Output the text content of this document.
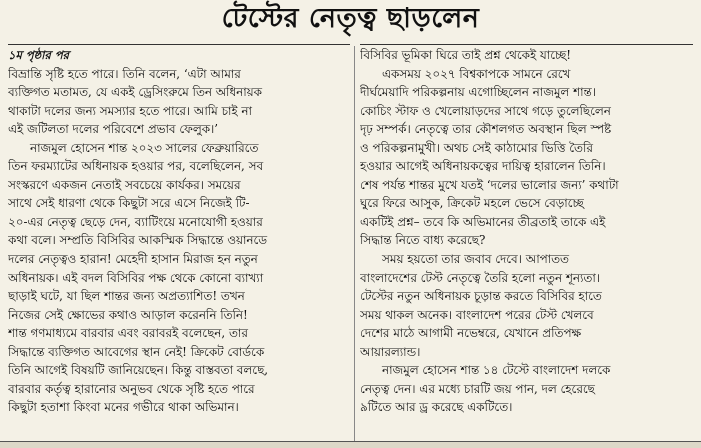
টেস্টের নেতৃত্ব ছাড়লেন
১ম পৃষ্ঠার পর
বিভ্রান্তি সৃষ্টি হতে পারে। তিনি বলেন, ‘এটা আমার
ব্যক্তিগত মতামত, যে একই ড্রেসিংরুমে তিন অধিনায়ক
থাকাটা দলের জন্য সমস্যার হতে পারে। আমি চাই না
এই জটিলতা দলের পরিবেশে প্রভাব ফেলুক।’
নাজমুল হোসেন শান্ত ২০২৩ সালের ফেব্রুয়ারিতে
তিন ফরম্যাটের অধিনায়ক হওয়ার পর, বলেছিলেন, সব
সংস্করণে একজন নেতাই সবচেয়ে কার্যকর। সময়ের
সাথে সেই ধারণা থেকে কিছুটা সরে এসে নিজেই টি-
২০-এর নেতৃত্ব ছেড়ে দেন, ব্যাটিংয়ে মনোযোগী হওয়ার
কথা বলে। সম্প্রতি বিসিবির আকস্মিক সিদ্ধান্তে ওয়ানডে
দলের নেতৃত্বও হারান! মেহেদী হাসান মিরাজ হন নতুন
অধিনায়ক। এই বদল বিসিবির পক্ষ থেকে কোনো ব্যাখ্যা
ছাড়াই ঘটে, যা ছিল শান্তর জন্য অপ্রত্যাশিত! তখন
নিজের সেই ক্ষোভের কথাও আড়াল করেননি তিনি!
শান্ত গণমাধ্যমে বারবার এবং বরাবরই বলেছেন, তার
সিদ্ধান্তে ব্যক্তিগত আবেগের স্থান নেই! ক্রিকেট বোর্ডকে
তিনি আগেই বিষয়টি জানিয়েছেন। কিন্তু বাস্তবতা বলছে,
বারবার কর্তৃত্ব হারানোর অনুভব থেকে সৃষ্টি হতে পারে
কিছুটা হতাশা কিংবা মনের গভীরে থাকা অভিমান।
বিসিবির ভূমিকা ঘিরে তাই প্রশ্ন থেকেই যাচ্ছে!
একসময় ২০২৭ বিশ্বকাপকে সামনে রেখে
দীর্ঘমেয়াদি পরিকল্পনায় এগোচ্ছিলেন নাজমুল শান্ত।
কোচিং স্টাফ ও খেলোয়াড়দের সাথে গড়ে তুলেছিলেন
দৃঢ় সম্পর্ক। নেতৃত্বে তার কৌশলগত অবস্থান ছিল স্পষ্ট
ও পরিকল্পনামুখী। অথচ সেই কাঠামোর ভিত্তি তৈরি
হওয়ার আগেই অধিনায়কত্বের দায়িত্ব হারালেন তিনি।
শেষ পর্যন্ত শান্তর মুখে যতই ‘দলের ভালোর জন্য’ কথাটা
ঘুরে ফিরে আসুক, ক্রিকেট মহলে ভেসে বেড়াচ্ছে
একটিই প্রশ্ন– তবে কি অভিমানের তীব্রতাই তাকে এই
সিদ্ধান্ত নিতে বাধ্য করেছে?
সময় হয়তো তার জবাব দেবে। আপাতত
বাংলাদেশের টেস্ট নেতৃত্বে তৈরি হলো নতুন শূন্যতা।
টেস্টের নতুন অধিনায়ক চূড়ান্ত করতে বিসিবির হাতে
সময় থাকল অনেক। বাংলাদেশ পরের টেস্ট খেলবে
দেশের মাঠে আগামী নভেম্বরে, যেখানে প্রতিপক্ষ
আয়ারল্যান্ড।
নাজমুল হোসেন শান্ত ১৪ টেস্টে বাংলাদেশ দলকে
নেতৃত্ব দেন। এর মধ্যে চারটি জয় পান, দল হেরেছে
৯টিতে আর ড্র করেছে একটিতে।
